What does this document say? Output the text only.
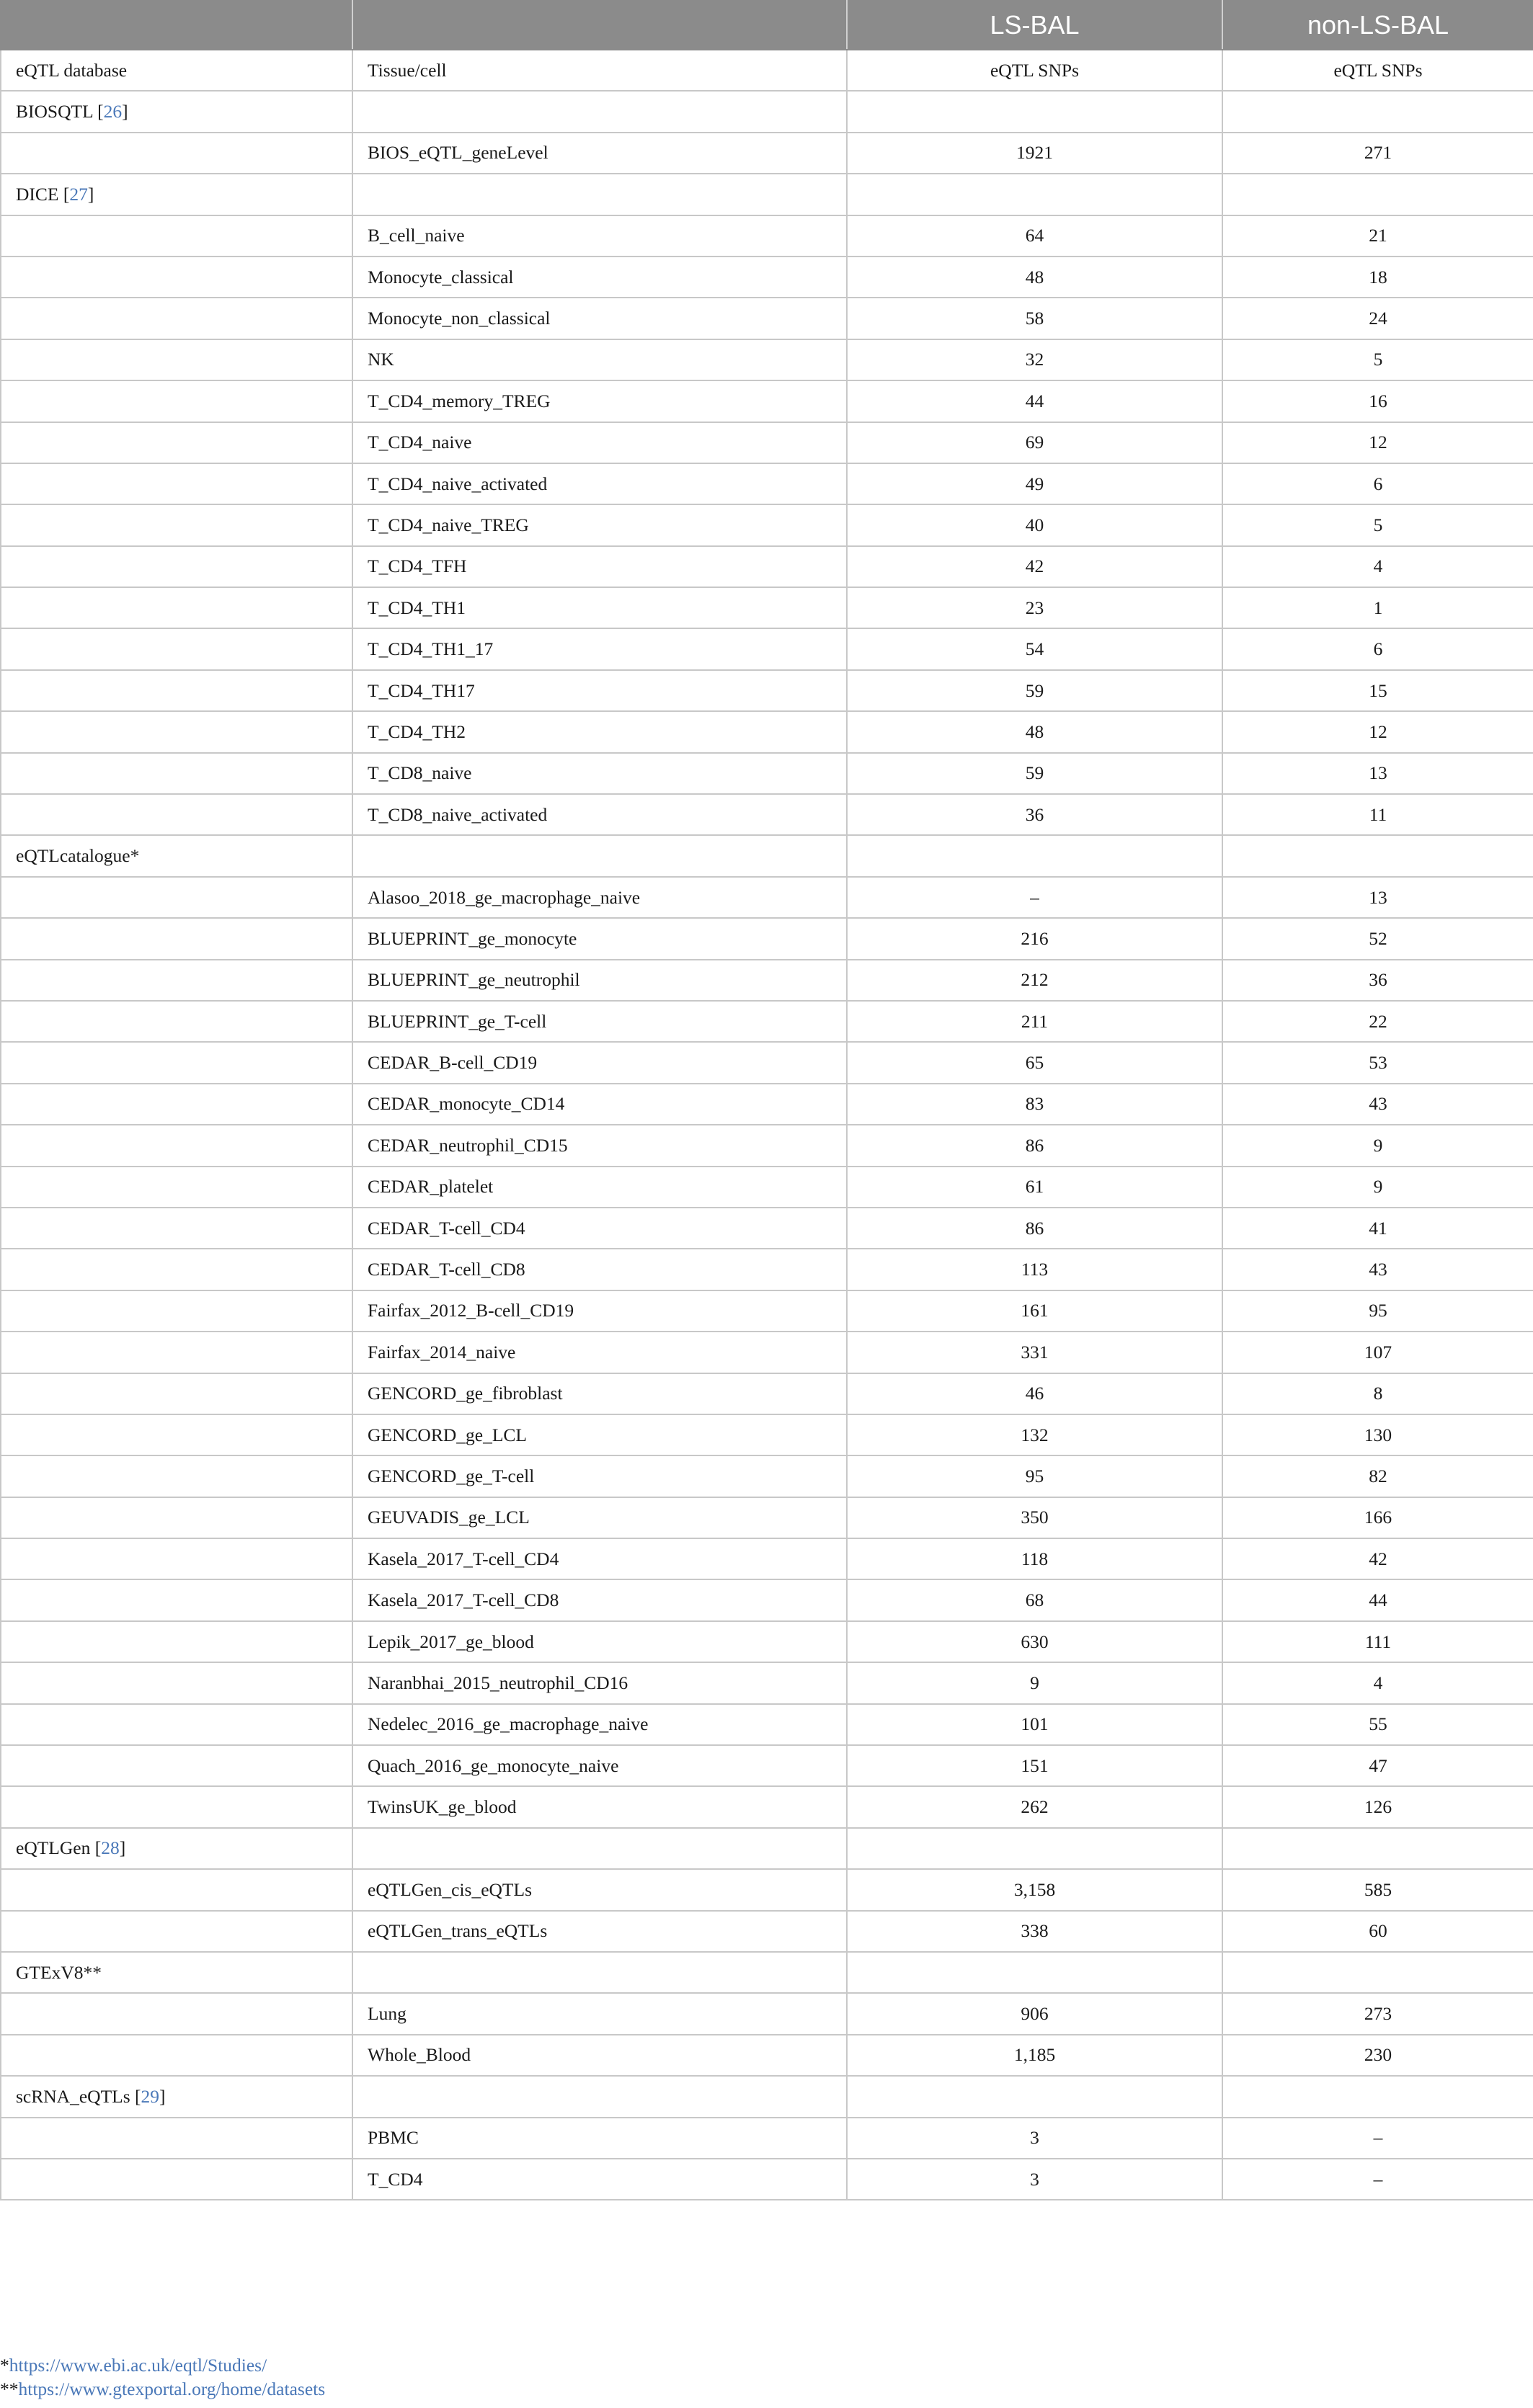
		LS-BAL	non-LS-BAL
eQTL database	Tissue/cell	eQTL SNPs	eQTL SNPs
BIOSQTL [26]			
	BIOS_eQTL_geneLevel	1921	271
DICE [27]			
	B_cell_naive	64	21
	Monocyte_classical	48	18
	Monocyte_non_classical	58	24
	NK	32	5
	T_CD4_memory_TREG	44	16
	T_CD4_naive	69	12
	T_CD4_naive_activated	49	6
	T_CD4_naive_TREG	40	5
	T_CD4_TFH	42	4
	T_CD4_TH1	23	1
	T_CD4_TH1_17	54	6
	T_CD4_TH17	59	15
	T_CD4_TH2	48	12
	T_CD8_naive	59	13
	T_CD8_naive_activated	36	11
eQTLcatalogue*			
	Alasoo_2018_ge_macrophage_naive	–	13
	BLUEPRINT_ge_monocyte	216	52
	BLUEPRINT_ge_neutrophil	212	36
	BLUEPRINT_ge_T-cell	211	22
	CEDAR_B-cell_CD19	65	53
	CEDAR_monocyte_CD14	83	43
	CEDAR_neutrophil_CD15	86	9
	CEDAR_platelet	61	9
	CEDAR_T-cell_CD4	86	41
	CEDAR_T-cell_CD8	113	43
	Fairfax_2012_B-cell_CD19	161	95
	Fairfax_2014_naive	331	107
	GENCORD_ge_fibroblast	46	8
	GENCORD_ge_LCL	132	130
	GENCORD_ge_T-cell	95	82
	GEUVADIS_ge_LCL	350	166
	Kasela_2017_T-cell_CD4	118	42
	Kasela_2017_T-cell_CD8	68	44
	Lepik_2017_ge_blood	630	111
	Naranbhai_2015_neutrophil_CD16	9	4
	Nedelec_2016_ge_macrophage_naive	101	55
	Quach_2016_ge_monocyte_naive	151	47
	TwinsUK_ge_blood	262	126
eQTLGen [28]			
	eQTLGen_cis_eQTLs	3,158	585
	eQTLGen_trans_eQTLs	338	60
GTExV8**			
	Lung	906	273
	Whole_Blood	1,185	230
scRNA_eQTLs [29]			
	PBMC	3	–
	T_CD4	3	–
*https://www.ebi.ac.uk/eqtl/Studies/
**https://www.gtexportal.org/home/datasets
